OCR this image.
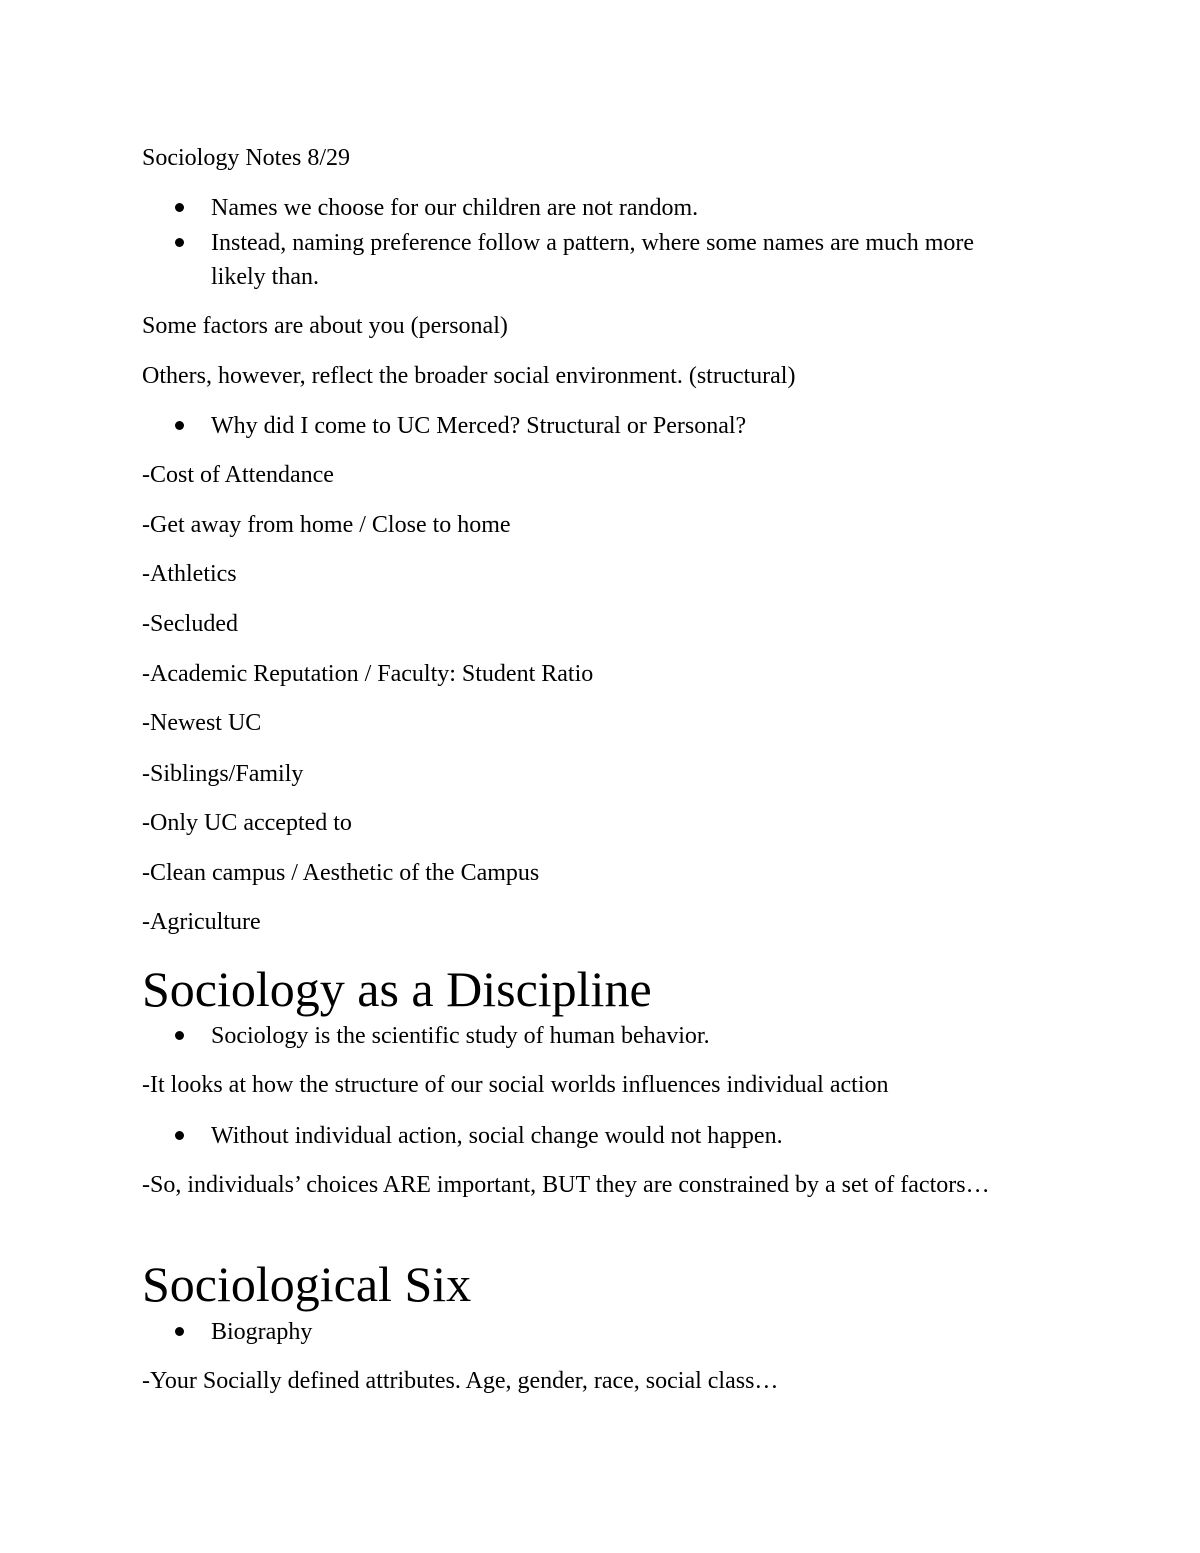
Sociology Notes 8/29
Names we choose for our children are not random.
Instead, naming preference follow a pattern, where some names are much more likely than.
Some factors are about you (personal)
Others, however, reflect the broader social environment. (structural)
Why did I come to UC Merced? Structural or Personal?
-Cost of Attendance
-Get away from home / Close to home
-Athletics
-Secluded
-Academic Reputation / Faculty: Student Ratio
-Newest UC
-Siblings/Family
-Only UC accepted to
-Clean campus / Aesthetic of the Campus
-Agriculture
Sociology as a Discipline
Sociology is the scientific study of human behavior.
-It looks at how the structure of our social worlds influences individual action
Without individual action, social change would not happen.
-So, individuals’ choices ARE important, BUT they are constrained by a set of factors…
Sociological Six
Biography
-Your Socially defined attributes. Age, gender, race, social class…
